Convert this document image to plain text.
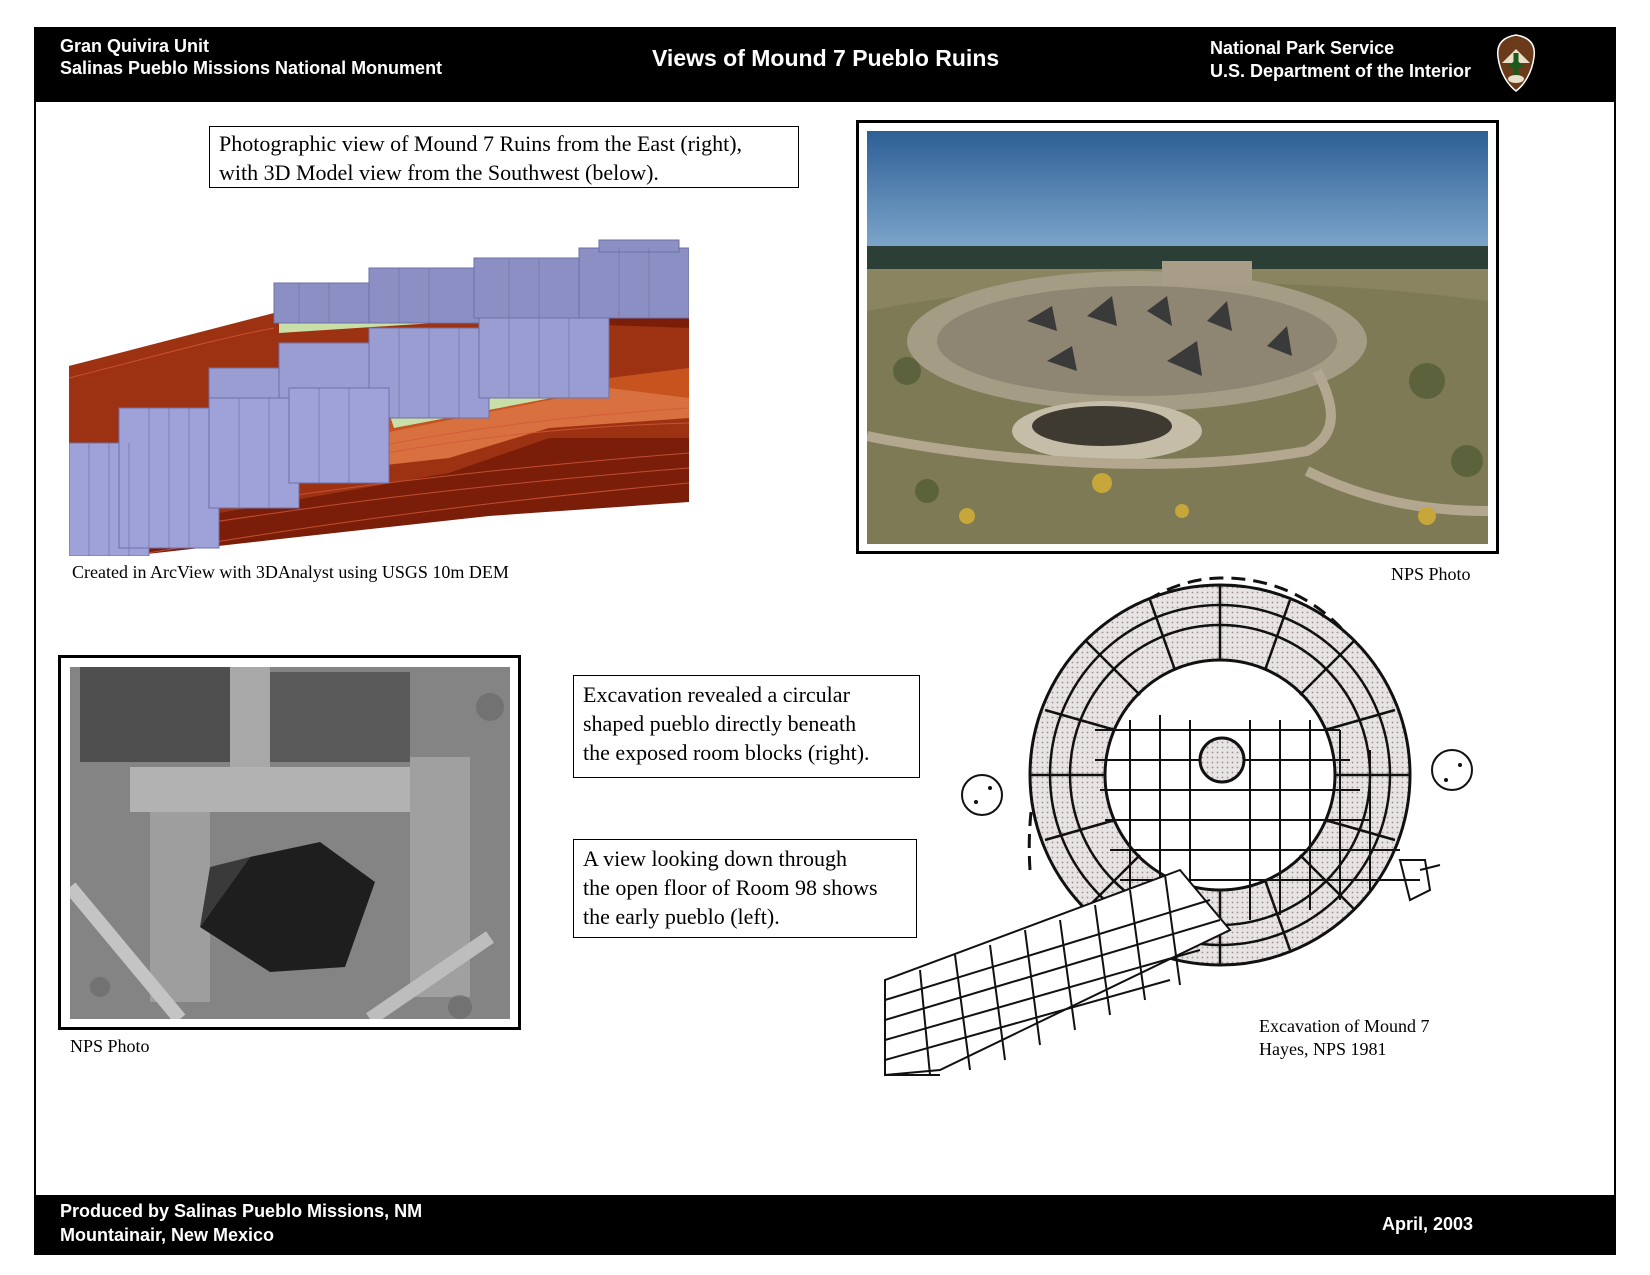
Gran Quivira Unit
Salinas Pueblo Missions National Monument	Views of Mound 7 Pueblo Ruins	National Park Service
U.S. Department of the Interior
Photographic view of Mound 7 Ruins from the East (right),
with 3D Model view from the Southwest (below).
Created in ArcView with 3DAnalyst using USGS 10m DEM	NPS Photo
NPS Photo
Excavation revealed a circular
shaped pueblo directly beneath
the exposed room blocks (right).
A view looking down through
the open floor of Room 98 shows
the early pueblo (left).
Excavation of Mound 7
Hayes, NPS 1981
Produced by Salinas Pueblo Missions, NM
Mountainair, New Mexico
April, 2003
